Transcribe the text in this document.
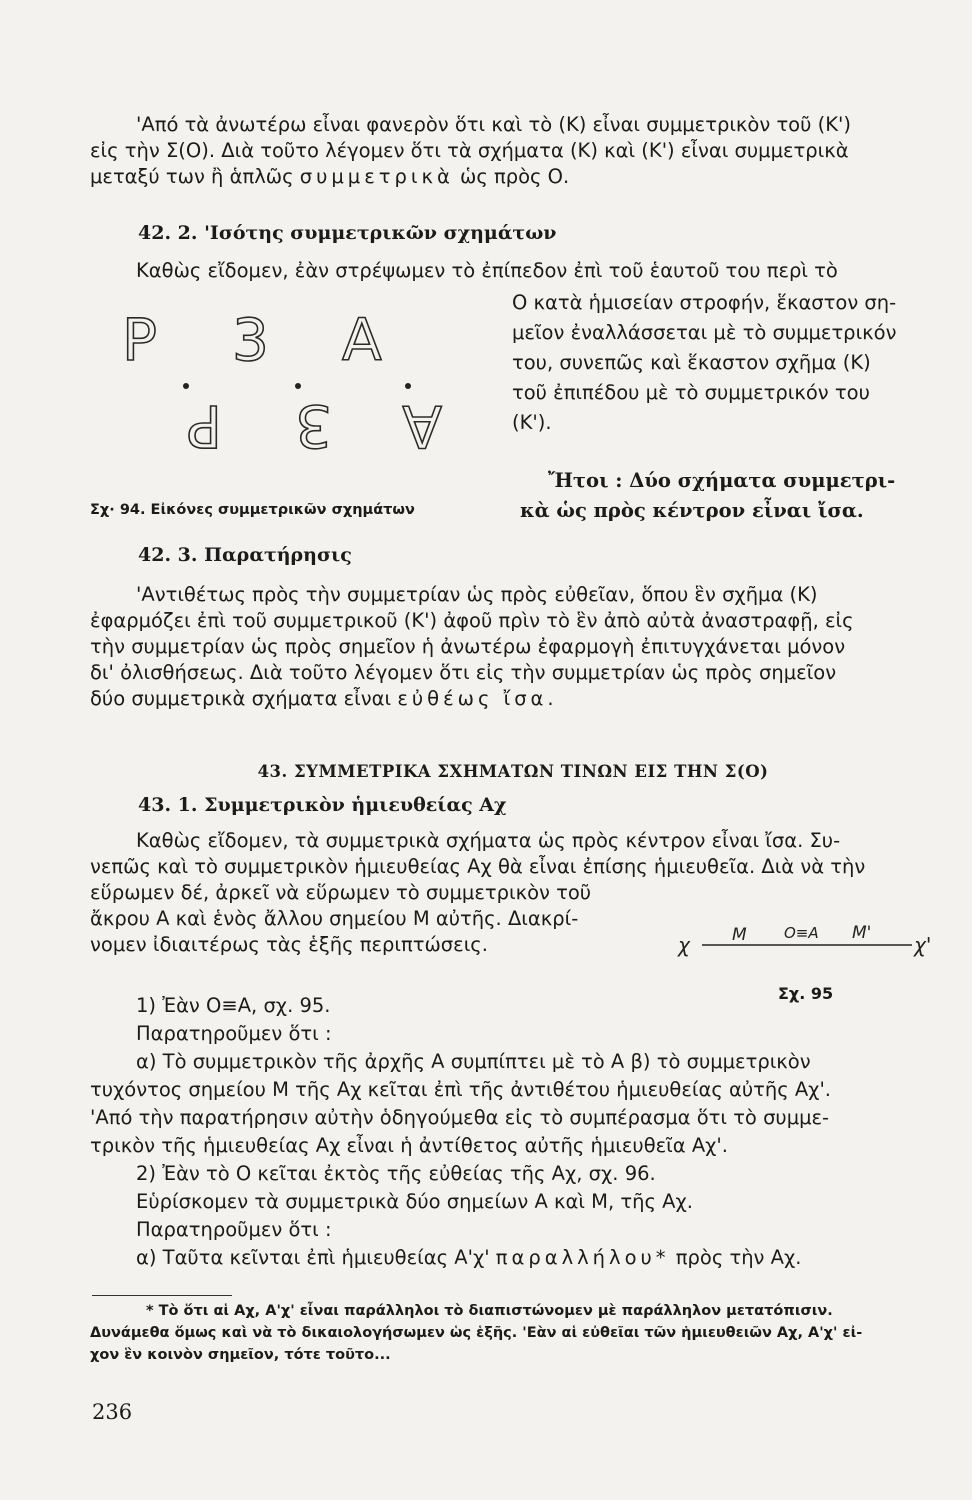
'Από τὰ ἀνωτέρω εἶναι φανερὸν ὅτι καὶ τὸ (Κ) εἶναι συμμετρικὸν τοῦ (Κ')
εἰς τὴν Σ(Ο). Διὰ τοῦτο λέγομεν ὅτι τὰ σχήματα (Κ) καὶ (Κ') εἶναι συμμετρικὰ
μεταξύ των ἢ ἁπλῶς συμμετρικὰ ὡς πρὸς Ο.
42. 2. 'Ισότης συμμετρικῶν σχημάτων
Καθὼς εἴδομεν, ἐὰν στρέψωμεν τὸ ἐπίπεδον ἐπὶ τοῦ ἑαυτοῦ του περὶ τὸ
Ο κατὰ ἡμισείαν στροφήν, ἕκαστον ση-
μεῖον ἐναλλάσσεται μὲ τὸ συμμετρικόν
του, συνεπῶς καὶ ἕκαστον σχῆμα (Κ)
τοῦ ἐπιπέδου μὲ τὸ συμμετρικόν του
(Κ').
Ἤτοι : Δύο σχήματα συμμετρι-
κὰ ὡς πρὸς κέντρον εἶναι ἴσα.
P 3 A
P 3 A
Σχ· 94. Εἰκόνες συμμετρικῶν σχημάτων
42. 3. Παρατήρησις
'Αντιθέτως πρὸς τὴν συμμετρίαν ὡς πρὸς εὐθεῖαν, ὅπου ἓν σχῆμα (Κ)
ἐφαρμόζει ἐπὶ τοῦ συμμετρικοῦ (Κ') ἀφοῦ πρὶν τὸ ἓν ἀπὸ αὐτὰ ἀναστραφῇ, εἰς
τὴν συμμετρίαν ὡς πρὸς σημεῖον ἡ ἀνωτέρω ἐφαρμογὴ ἐπιτυγχάνεται μόνον
δι' ὀλισθήσεως. Διὰ τοῦτο λέγομεν ὅτι εἰς τὴν συμμετρίαν ὡς πρὸς σημεῖον
δύο συμμετρικὰ σχήματα εἶναι εὐθέως ἴσα.
43. ΣΥΜΜΕΤΡΙΚΑ ΣΧΗΜΑΤΩΝ ΤΙΝΩΝ ΕΙΣ ΤΗΝ Σ(Ο)
43. 1. Συμμετρικὸν ἡμιευθείας Αχ
Καθὼς εἴδομεν, τὰ συμμετρικὰ σχήματα ὡς πρὸς κέντρον εἶναι ἴσα. Συ-
νεπῶς καὶ τὸ συμμετρικὸν ἡμιευθείας Αχ θὰ εἶναι ἐπίσης ἡμιευθεῖα. Διὰ νὰ τὴν
εὕρωμεν δέ, ἀρκεῖ νὰ εὕρωμεν τὸ συμμετρικὸν τοῦ
ἄκρου Α καὶ ἑνὸς ἄλλου σημείου Μ αὐτῆς. Διακρί-
νομεν ἰδιαιτέρως τὰς ἑξῆς περιπτώσεις.	χ Μ Ο≡Α Μ' χ'
Σχ. 95
1) Ἐὰν Ο≡Α, σχ. 95.
Παρατηροῦμεν ὅτι :
α) Τὸ συμμετρικὸν τῆς ἀρχῆς Α συμπίπτει μὲ τὸ Α β) τὸ συμμετρικὸν
τυχόντος σημείου Μ τῆς Αχ κεῖται ἐπὶ τῆς ἀντιθέτου ἡμιευθείας αὐτῆς Αχ'.
'Από τὴν παρατήρησιν αὐτὴν ὁδηγούμεθα εἰς τὸ συμπέρασμα ὅτι τὸ συμμε-
τρικὸν τῆς ἡμιευθείας Αχ εἶναι ἡ ἀντίθετος αὐτῆς ἡμιευθεῖα Αχ'.
2) Ἐὰν τὸ Ο κεῖται ἐκτὸς τῆς εὐθείας τῆς Αχ, σχ. 96.
Εὑρίσκομεν τὰ συμμετρικὰ δύο σημείων Α καὶ Μ, τῆς Αχ.
Παρατηροῦμεν ὅτι :
α) Ταῦτα κεῖνται ἐπὶ ἡμιευθείας Α'χ' παραλλήλου* πρὸς τὴν Αχ.
* Τὸ ὅτι αἱ Αχ, Α'χ' εἶναι παράλληλοι τὸ διαπιστώνομεν μὲ παράλληλον μετατόπισιν.
Δυνάμεθα ὅμως καὶ νὰ τὸ δικαιολογήσωμεν ὡς ἑξῆς. 'Εὰν αἱ εὐθεῖαι τῶν ἡμιευθειῶν Αχ, Α'χ' εἰ-
χον ἓν κοινὸν σημεῖον, τότε τοῦτο...
236
